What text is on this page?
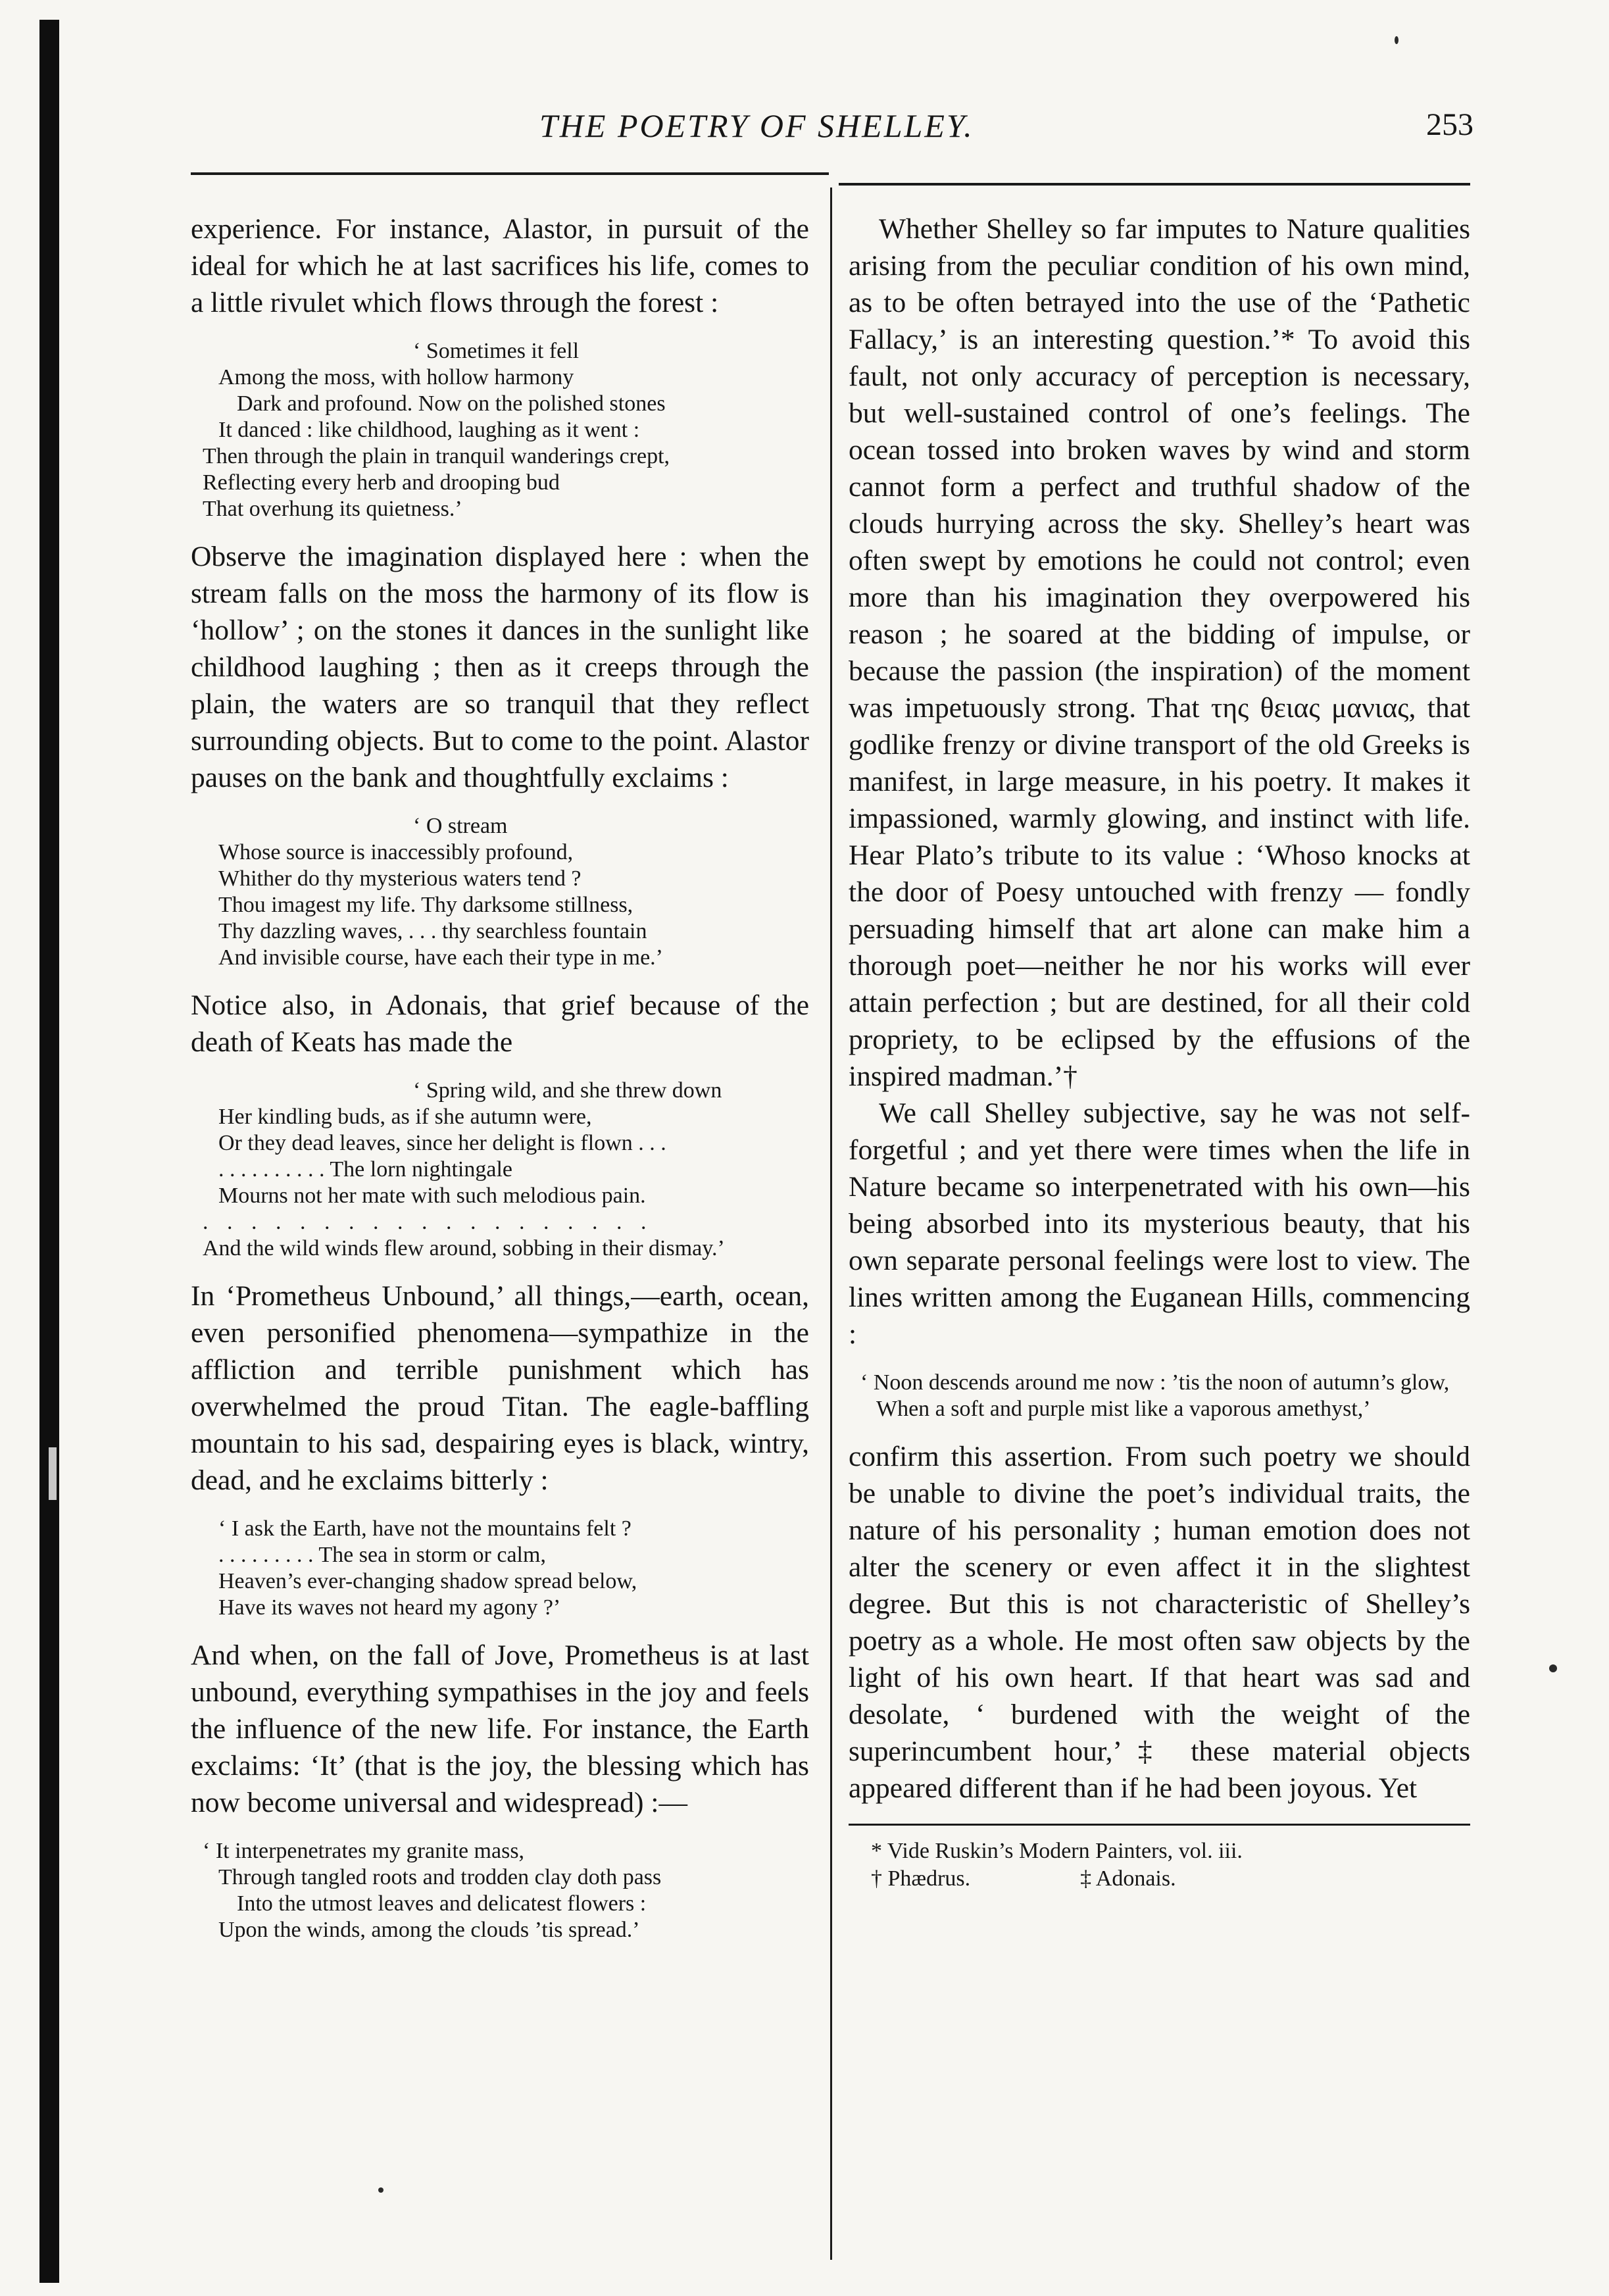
THE POETRY OF SHELLEY.	253

experience. For instance, Alastor, in pursuit of the ideal for which he at last sacrifices his life, comes to a little rivulet which flows through the forest :

‘ Sometimes it fell
Among the moss, with hollow harmony
Dark and profound. Now on the polished stones
It danced : like childhood, laughing as it went :
Then through the plain in tranquil wanderings crept,
Reflecting every herb and drooping bud
That overhung its quietness.’

Observe the imagination displayed here : when the stream falls on the moss the harmony of its flow is ‘hollow’ ; on the stones it dances in the sunlight like childhood laughing ; then as it creeps through the plain, the waters are so tranquil that they reflect surrounding objects. But to come to the point. Alastor pauses on the bank and thoughtfully exclaims :

‘ O stream
Whose source is inaccessibly profound,
Whither do thy mysterious waters tend ?
Thou imagest my life. Thy darksome stillness,
Thy dazzling waves, . . . thy searchless fountain
And invisible course, have each their type in me.’

Notice also, in Adonais, that grief because of the death of Keats has made the

‘ Spring wild, and she threw down
Her kindling buds, as if she autumn were,
Or they dead leaves, since her delight is flown . . .
. . . . . . . . . . The lorn nightingale
Mourns not her mate with such melodious pain.
. . . . . . . . . . . . . . . . . . .
And the wild winds flew around, sobbing in their dismay.’

In ‘Prometheus Unbound,’ all things,—earth, ocean, even personified phenomena—sympathize in the affliction and terrible punishment which has overwhelmed the proud Titan. The eagle-baffling mountain to his sad, despairing eyes is black, wintry, dead, and he exclaims bitterly :

‘ I ask the Earth, have not the mountains felt ?
. . . . . . . . . The sea in storm or calm,
Heaven’s ever-changing shadow spread below,
Have its waves not heard my agony ?’

And when, on the fall of Jove, Prometheus is at last unbound, everything sympathises in the joy and feels the influence of the new life. For instance, the Earth exclaims: ‘It’ (that is the joy, the blessing which has now become universal and widespread) :—

‘ It interpenetrates my granite mass,
Through tangled roots and trodden clay doth pass
Into the utmost leaves and delicatest flowers :
Upon the winds, among the clouds ’tis spread.’

Whether Shelley so far imputes to Nature qualities arising from the peculiar condition of his own mind, as to be often betrayed into the use of the ‘Pathetic Fallacy,’ is an interesting question.’* To avoid this fault, not only accuracy of perception is necessary, but well-sustained control of one’s feelings. The ocean tossed into broken waves by wind and storm cannot form a perfect and truthful shadow of the clouds hurrying across the sky. Shelley’s heart was often swept by emotions he could not control; even more than his imagination they overpowered his reason ; he soared at the bidding of impulse, or because the passion (the inspiration) of the moment was impetuously strong. That της θειας μανιας, that godlike frenzy or divine transport of the old Greeks is manifest, in large measure, in his poetry. It makes it impassioned, warmly glowing, and instinct with life. Hear Plato’s tribute to its value : ‘Whoso knocks at the door of Poesy untouched with frenzy — fondly persuading himself that art alone can make him a thorough poet—neither he nor his works will ever attain perfection ; but are destined, for all their cold propriety, to be eclipsed by the effusions of the inspired madman.’†

We call Shelley subjective, say he was not self-forgetful ; and yet there were times when the life in Nature became so interpenetrated with his own—his being absorbed into its mysterious beauty, that his own separate personal feelings were lost to view. The lines written among the Euganean Hills, commencing :

‘ Noon descends around me now : ’tis the noon of autumn’s glow,
When a soft and purple mist like a vaporous amethyst,’

confirm this assertion. From such poetry we should be unable to divine the poet’s individual traits, the nature of his personality ; human emotion does not alter the scenery or even affect it in the slightest degree. But this is not characteristic of Shelley’s poetry as a whole. He most often saw objects by the light of his own heart. If that heart was sad and desolate, ‘ burdened with the weight of the superincumbent hour,’‡ these material objects appeared different than if he had been joyous. Yet

* Vide Ruskin’s Modern Painters, vol. iii.
† Phædrus.	‡ Adonais.
